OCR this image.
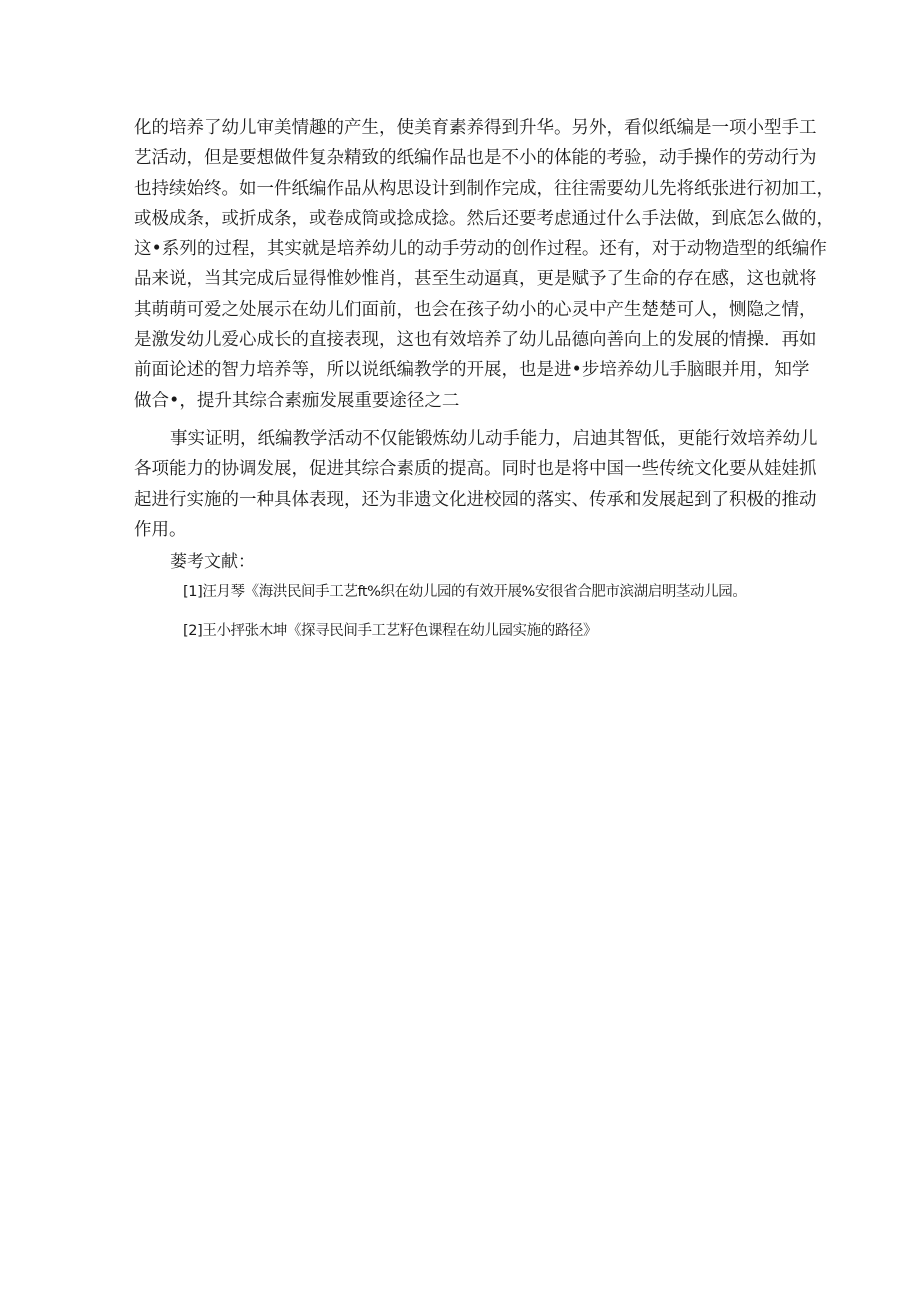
化的培养了幼儿审美情趣的产生，使美育素养得到升华。另外，看似纸编是一项小型手工
艺活动，但是要想做件复杂精致的纸编作品也是不小的体能的考验，动手操作的劳动行为
也持续始终。如一件纸编作品从构思设计到制作完成，往往需要幼儿先将纸张进行初加工，
或极成条，或折成条，或卷成筒或捻成捻。然后还要考虑通过什么手法做，到底怎么做的，
这•系列的过程，其实就是培养幼儿的动手劳动的创作过程。还有，对于动物造型的纸编作
品来说，当其完成后显得惟妙惟肖，甚至生动逼真，更是赋予了生命的存在感，这也就将
其萌萌可爱之处展示在幼儿们面前，也会在孩子幼小的心灵中产生楚楚可人，恻隐之情，
是激发幼儿爱心成长的直接表现，这也有效培养了幼儿品德向善向上的发展的情操．再如
前面论述的智力培养等，所以说纸编教学的开展，也是进•步培养幼儿手脑眼并用，知学
做合•，提升其综合素痂发展重要途径之二
事实证明，纸编教学活动不仅能锻炼幼儿动手能力，启迪其智低，更能行效培养幼儿
各项能力的协调发展，促进其综合素质的提高。同时也是将中国一些传统文化要从娃娃抓
起进行实施的一种具体表现，还为非遗文化进校园的落实、传承和发展起到了积极的推动
作用。
蒌考文献：
[1]汪月琴《海洪民间手工艺ft%织在幼儿园的有效开展%安很省合肥市滨湖启明茎动儿园。
[2]王小抨张木坤《探寻民间手工艺籽色课程在幼儿园实施的路径》
